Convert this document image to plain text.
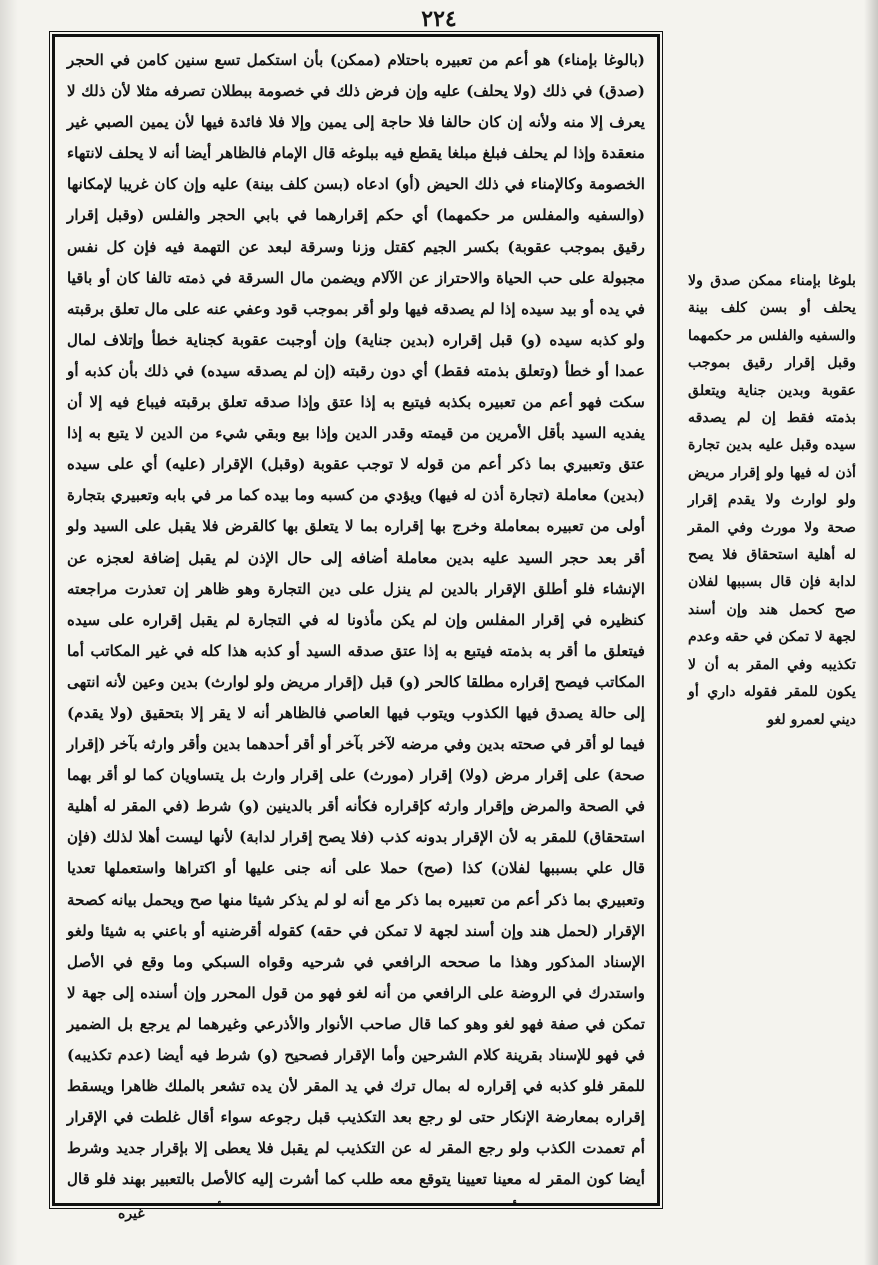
٢٢٤

(بالوغا بإمناء) هو أعم من تعبيره باحتلام (ممكن) بأن استكمل تسع سنين كامن في الحجر (صدق) في ذلك (ولا يحلف) عليه وإن فرض ذلك في خصومة ببطلان تصرفه مثلا لأن ذلك لا يعرف إلا منه ولأنه إن كان حالفا فلا حاجة إلى يمين وإلا فلا فائدة فيها لأن يمين الصبي غير منعقدة وإذا لم يحلف فبلغ مبلغا يقطع فيه ببلوغه قال الإمام فالظاهر أيضا أنه لا يحلف لانتهاء الخصومة وكالإمناء في ذلك الحيض (أو) ادعاه (بسن كلف بينة) عليه وإن كان غريبا لإمكانها (والسفيه والمفلس مر حكمهما) أي حكم إقرارهما في بابي الحجر والفلس (وقبل إقرار رقيق بموجب عقوبة) بكسر الجيم كقتل وزنا وسرقة لبعد عن التهمة فيه فإن كل نفس مجبولة على حب الحياة والاحتراز عن الآلام ويضمن مال السرقة في ذمته تالفا كان أو باقيا في يده أو بيد سيده إذا لم يصدقه فيها ولو أقر بموجب قود وعفي عنه على مال تعلق برقبته ولو كذبه سيده (و) قبل إقراره (بدين جناية) وإن أوجبت عقوبة كجناية خطأ وإتلاف لمال عمدا أو خطأ (وتعلق بذمته فقط) أي دون رقبته (إن لم يصدقه سيده) في ذلك بأن كذبه أو سكت فهو أعم من تعبيره بكذبه فيتبع به إذا عتق وإذا صدقه تعلق برقبته فيباع فيه إلا أن يفديه السيد بأقل الأمرين من قيمته وقدر الدين وإذا بيع وبقي شيء من الدين لا يتبع به إذا عتق وتعبيري بما ذكر أعم من قوله لا توجب عقوبة (وقبل) الإقرار (عليه) أي على سيده (بدين) معاملة (تجارة أذن له فيها) ويؤدي من كسبه وما بيده كما مر في بابه وتعبيري بتجارة أولى من تعبيره بمعاملة وخرج بها إقراره بما لا يتعلق بها كالقرض فلا يقبل على السيد ولو أقر بعد حجر السيد عليه بدين معاملة أضافه إلى حال الإذن لم يقبل إضافة لعجزه عن الإنشاء فلو أطلق الإقرار بالدين لم ينزل على دين التجارة وهو ظاهر إن تعذرت مراجعته كنظيره في إقرار المفلس وإن لم يكن مأذونا له في التجارة لم يقبل إقراره على سيده فيتعلق ما أقر به بذمته فيتبع به إذا عتق صدقه السيد أو كذبه هذا كله في غير المكاتب أما المكاتب فيصح إقراره مطلقا كالحر (و) قبل (إقرار مريض ولو لوارث) بدين وعين لأنه انتهى إلى حالة يصدق فيها الكذوب ويتوب فيها العاصي فالظاهر أنه لا يقر إلا بتحقيق (ولا يقدم) فيما لو أقر في صحته بدين وفي مرضه لآخر بآخر أو أقر أحدهما بدين وأقر وارثه بآخر (إقرار صحة) على إقرار مرض (ولا) إقرار (مورث) على إقرار وارث بل يتساويان كما لو أقر بهما في الصحة والمرض وإقرار وارثه كإقراره فكأنه أقر بالدينين (و) شرط (في المقر له أهلية استحقاق) للمقر به لأن الإقرار بدونه كذب (فلا يصح إقرار لدابة) لأنها ليست أهلا لذلك (فإن قال علي بسببها لفلان) كذا (صح) حملا على أنه جنى عليها أو اكتراها واستعملها تعديا وتعبيري بما ذكر أعم من تعبيره بما ذكر مع أنه لو لم يذكر شيئا منها صح ويحمل بيانه كصحة الإقرار (لحمل هند وإن أسند لجهة لا تمكن في حقه) كقوله أقرضنيه أو باعني به شيئا ولغو الإسناد المذكور وهذا ما صححه الرافعي في شرحيه وقواه السبكي وما وقع في الأصل واستدرك في الروضة على الرافعي من أنه لغو فهو من قول المحرر وإن أسنده إلى جهة لا تمكن في صفة فهو لغو وهو كما قال صاحب الأنوار والأذرعي وغيرهما لم يرجع بل الضمير في فهو للإسناد بقرينة كلام الشرحين وأما الإقرار فصحيح (و) شرط فيه أيضا (عدم تكذيبه) للمقر فلو كذبه في إقراره له بمال ترك في يد المقر لأن يده تشعر بالملك ظاهرا ويسقط إقراره بمعارضة الإنكار حتى لو رجع بعد التكذيب قبل رجوعه سواء أقال غلطت في الإقرار أم تعمدت الكذب ولو رجع المقر له عن التكذيب لم يقبل فلا يعطى إلا بإقرار جديد وشرط أيضا كون المقر له معينا تعيينا يتوقع معه طلب كما أشرت إليه كالأصل بالتعبير بهند فلو قال

بلوغا بإمناء ممكن صدق ولا يحلف أو بسن كلف بينة والسفيه والفلس مر حكمهما وقبل إقرار رقيق بموجب عقوبة وبدين جناية ويتعلق بذمته فقط إن لم يصدقه سيده وقبل عليه بدين تجارة أذن له فيها ولو إقرار مريض ولو لوارث ولا يقدم إقرار صحة ولا مورث وفي المقر له أهلية استحقاق فلا يصح لدابة فإن قال بسببها لفلان صح كحمل هند وإن أسند لجهة لا تمكن في حقه وعدم تكذيبه وفي المقر به أن لا يكون للمقر فقوله داري أو ديني لعمرو لغو

غيره
